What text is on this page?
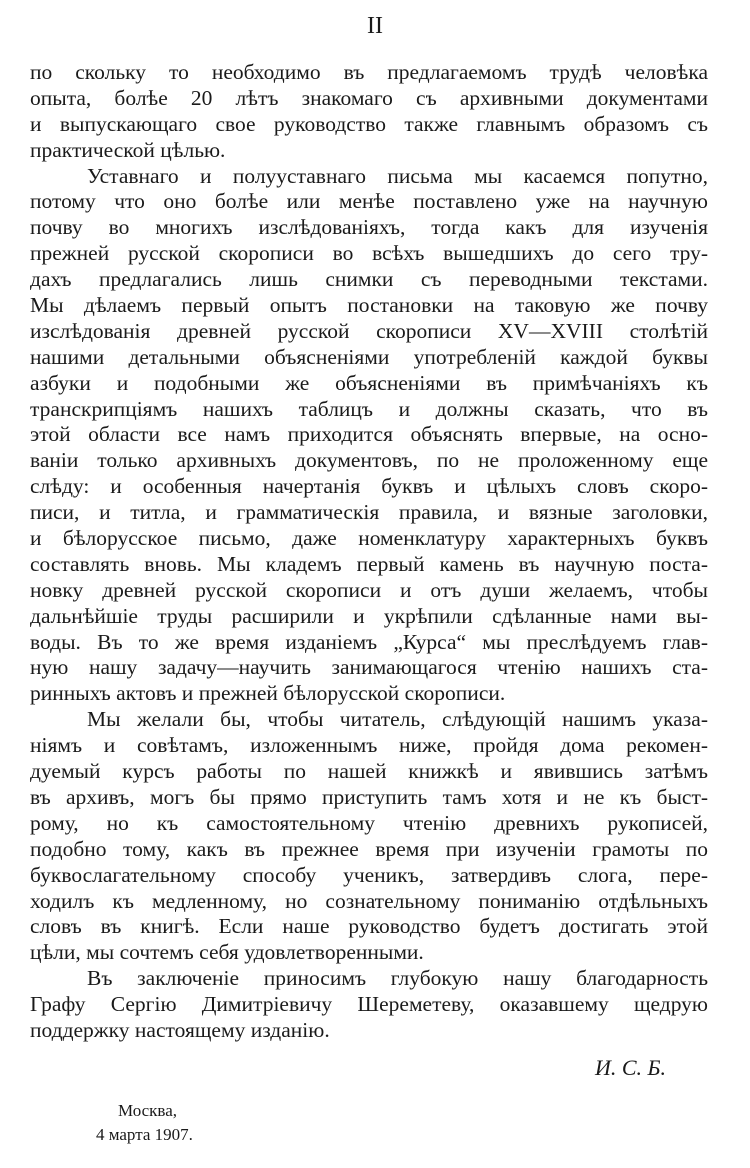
II
по скольку то необходимо въ предлагаемомъ трудѣ человѣка
опыта, болѣе 20 лѣтъ знакомаго съ архивными документами
и выпускающаго свое руководство также главнымъ образомъ съ
практической цѣлью.
Уставнаго и полууставнаго письма мы касаемся попутно,
потому что оно болѣе или менѣе поставлено уже на научную
почву во многихъ изслѣдованіяхъ, тогда какъ для изученія
прежней русской скорописи во всѣхъ вышедшихъ до сего тру-
дахъ предлагались лишь снимки съ переводными текстами.
Мы дѣлаемъ первый опытъ постановки на таковую же почву
изслѣдованія древней русской скорописи XV—XVIII столѣтій
нашими детальными объясненіями употребленій каждой буквы
азбуки и подобными же объясненіями въ примѣчаніяхъ къ
транскрипціямъ нашихъ таблицъ и должны сказать, что въ
этой области все намъ приходится объяснять впервые, на осно-
ваніи только архивныхъ документовъ, по не проложенному еще
слѣду: и особенныя начертанія буквъ и цѣлыхъ словъ скоро-
писи, и титла, и грамматическія правила, и вязные заголовки,
и бѣлорусское письмо, даже номенклатуру характерныхъ буквъ
составлять вновь. Мы кладемъ первый камень въ научную поста-
новку древней русской скорописи и отъ души желаемъ, чтобы
дальнѣйшіе труды расширили и укрѣпили сдѣланные нами вы-
воды. Въ то же время изданіемъ „Курса“ мы преслѣдуемъ глав-
ную нашу задачу—научить занимающагося чтенію нашихъ ста-
ринныхъ актовъ и прежней бѣлорусской скорописи.
Мы желали бы, чтобы читатель, слѣдующій нашимъ указа-
ніямъ и совѣтамъ, изложеннымъ ниже, пройдя дома рекомен-
дуемый курсъ работы по нашей книжкѣ и явившись затѣмъ
въ архивъ, могъ бы прямо приступить тамъ хотя и не къ быст-
рому, но къ самостоятельному чтенію древнихъ рукописей,
подобно тому, какъ въ прежнее время при изученіи грамоты по
буквослагательному способу ученикъ, затвердивъ слога, пере-
ходилъ къ медленному, но сознательному пониманію отдѣльныхъ
словъ въ книгѣ. Если наше руководство будетъ достигать этой
цѣли, мы сочтемъ себя удовлетворенными.
Въ заключеніе приносимъ глубокую нашу благодарность
Графу Сергію Димитріевичу Шереметеву, оказавшему щедрую
поддержку настоящему изданію.
И. С. Б.
Москва,
4 марта 1907.
